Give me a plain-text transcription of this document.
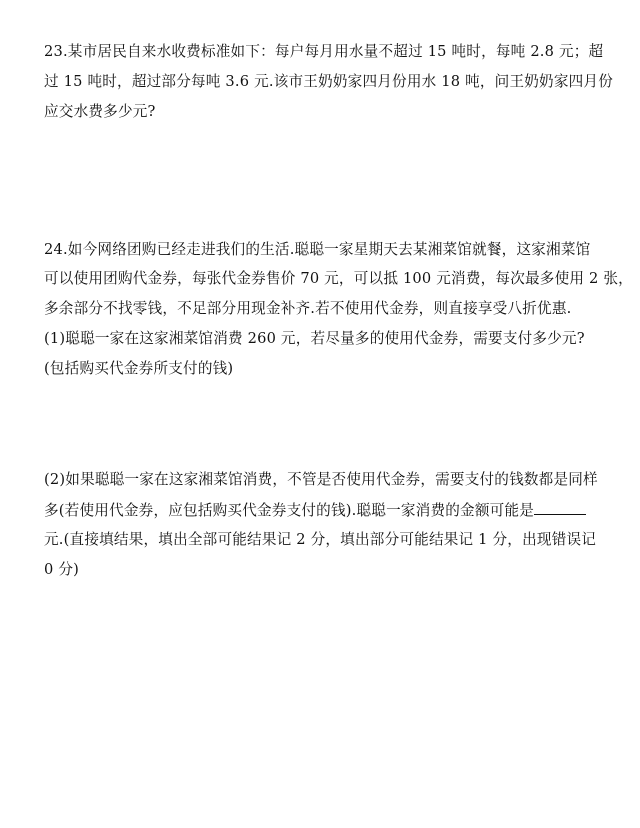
23.某市居民自来水收费标准如下：每户每月用水量不超过 15 吨时，每吨 2.8 元；超
过 15 吨时，超过部分每吨 3.6 元.该市王奶奶家四月份用水 18 吨，问王奶奶家四月份
应交水费多少元?
24.如今网络团购已经走进我们的生活.聪聪一家星期天去某湘菜馆就餐，这家湘菜馆
可以使用团购代金券，每张代金券售价 70 元，可以抵 100 元消费，每次最多使用 2 张，
多余部分不找零钱，不足部分用现金补齐.若不使用代金券，则直接享受八折优惠.
(1)聪聪一家在这家湘菜馆消费 260 元，若尽量多的使用代金券，需要支付多少元?
(包括购买代金券所支付的钱)
(2)如果聪聪一家在这家湘菜馆消费，不管是否使用代金券，需要支付的钱数都是同样
多(若使用代金券，应包括购买代金券支付的钱).聪聪一家消费的金额可能是
元.(直接填结果，填出全部可能结果记 2 分，填出部分可能结果记 1 分，出现错误记
0 分)
